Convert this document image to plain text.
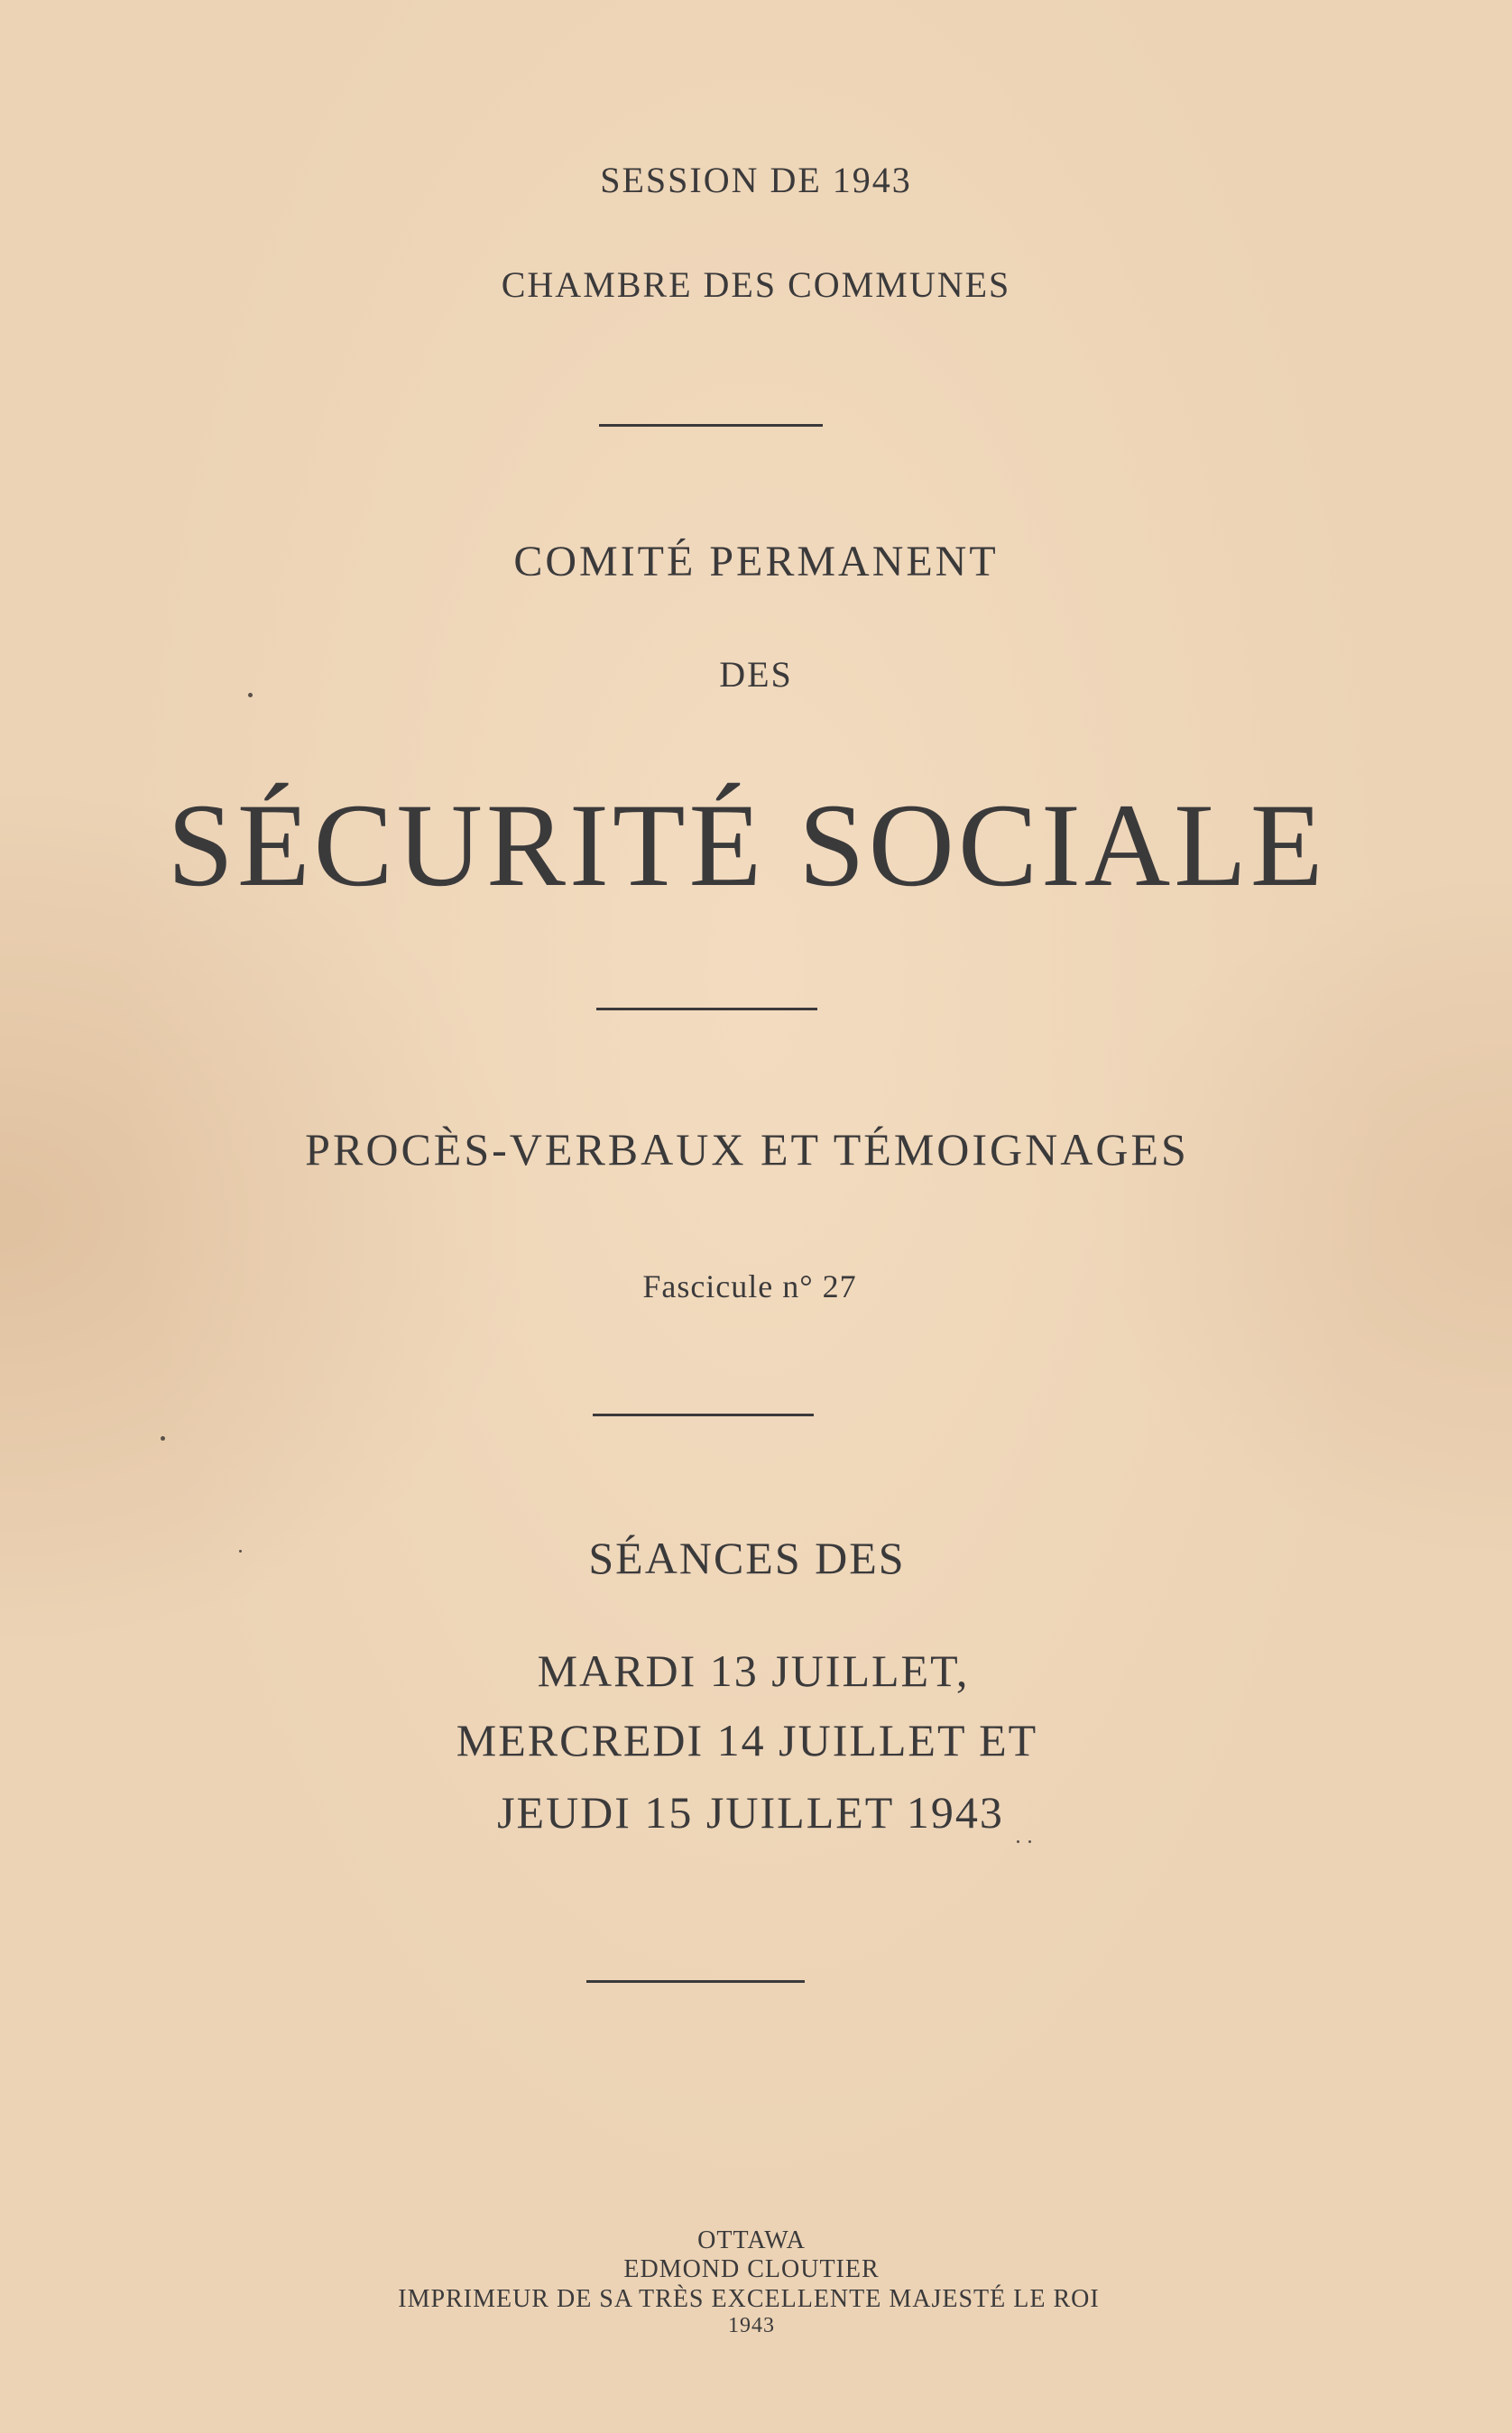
SESSION DE 1943
CHAMBRE DES COMMUNES
COMITÉ PERMANENT
DES
SÉCURITÉ SOCIALE
PROCÈS-VERBAUX ET TÉMOIGNAGES
Fascicule n° 27
SÉANCES DES
MARDI 13 JUILLET,
MERCREDI 14 JUILLET ET
JEUDI 15 JUILLET 1943
OTTAWA
EDMOND CLOUTIER
IMPRIMEUR DE SA TRÈS EXCELLENTE MAJESTÉ LE ROI
1943
